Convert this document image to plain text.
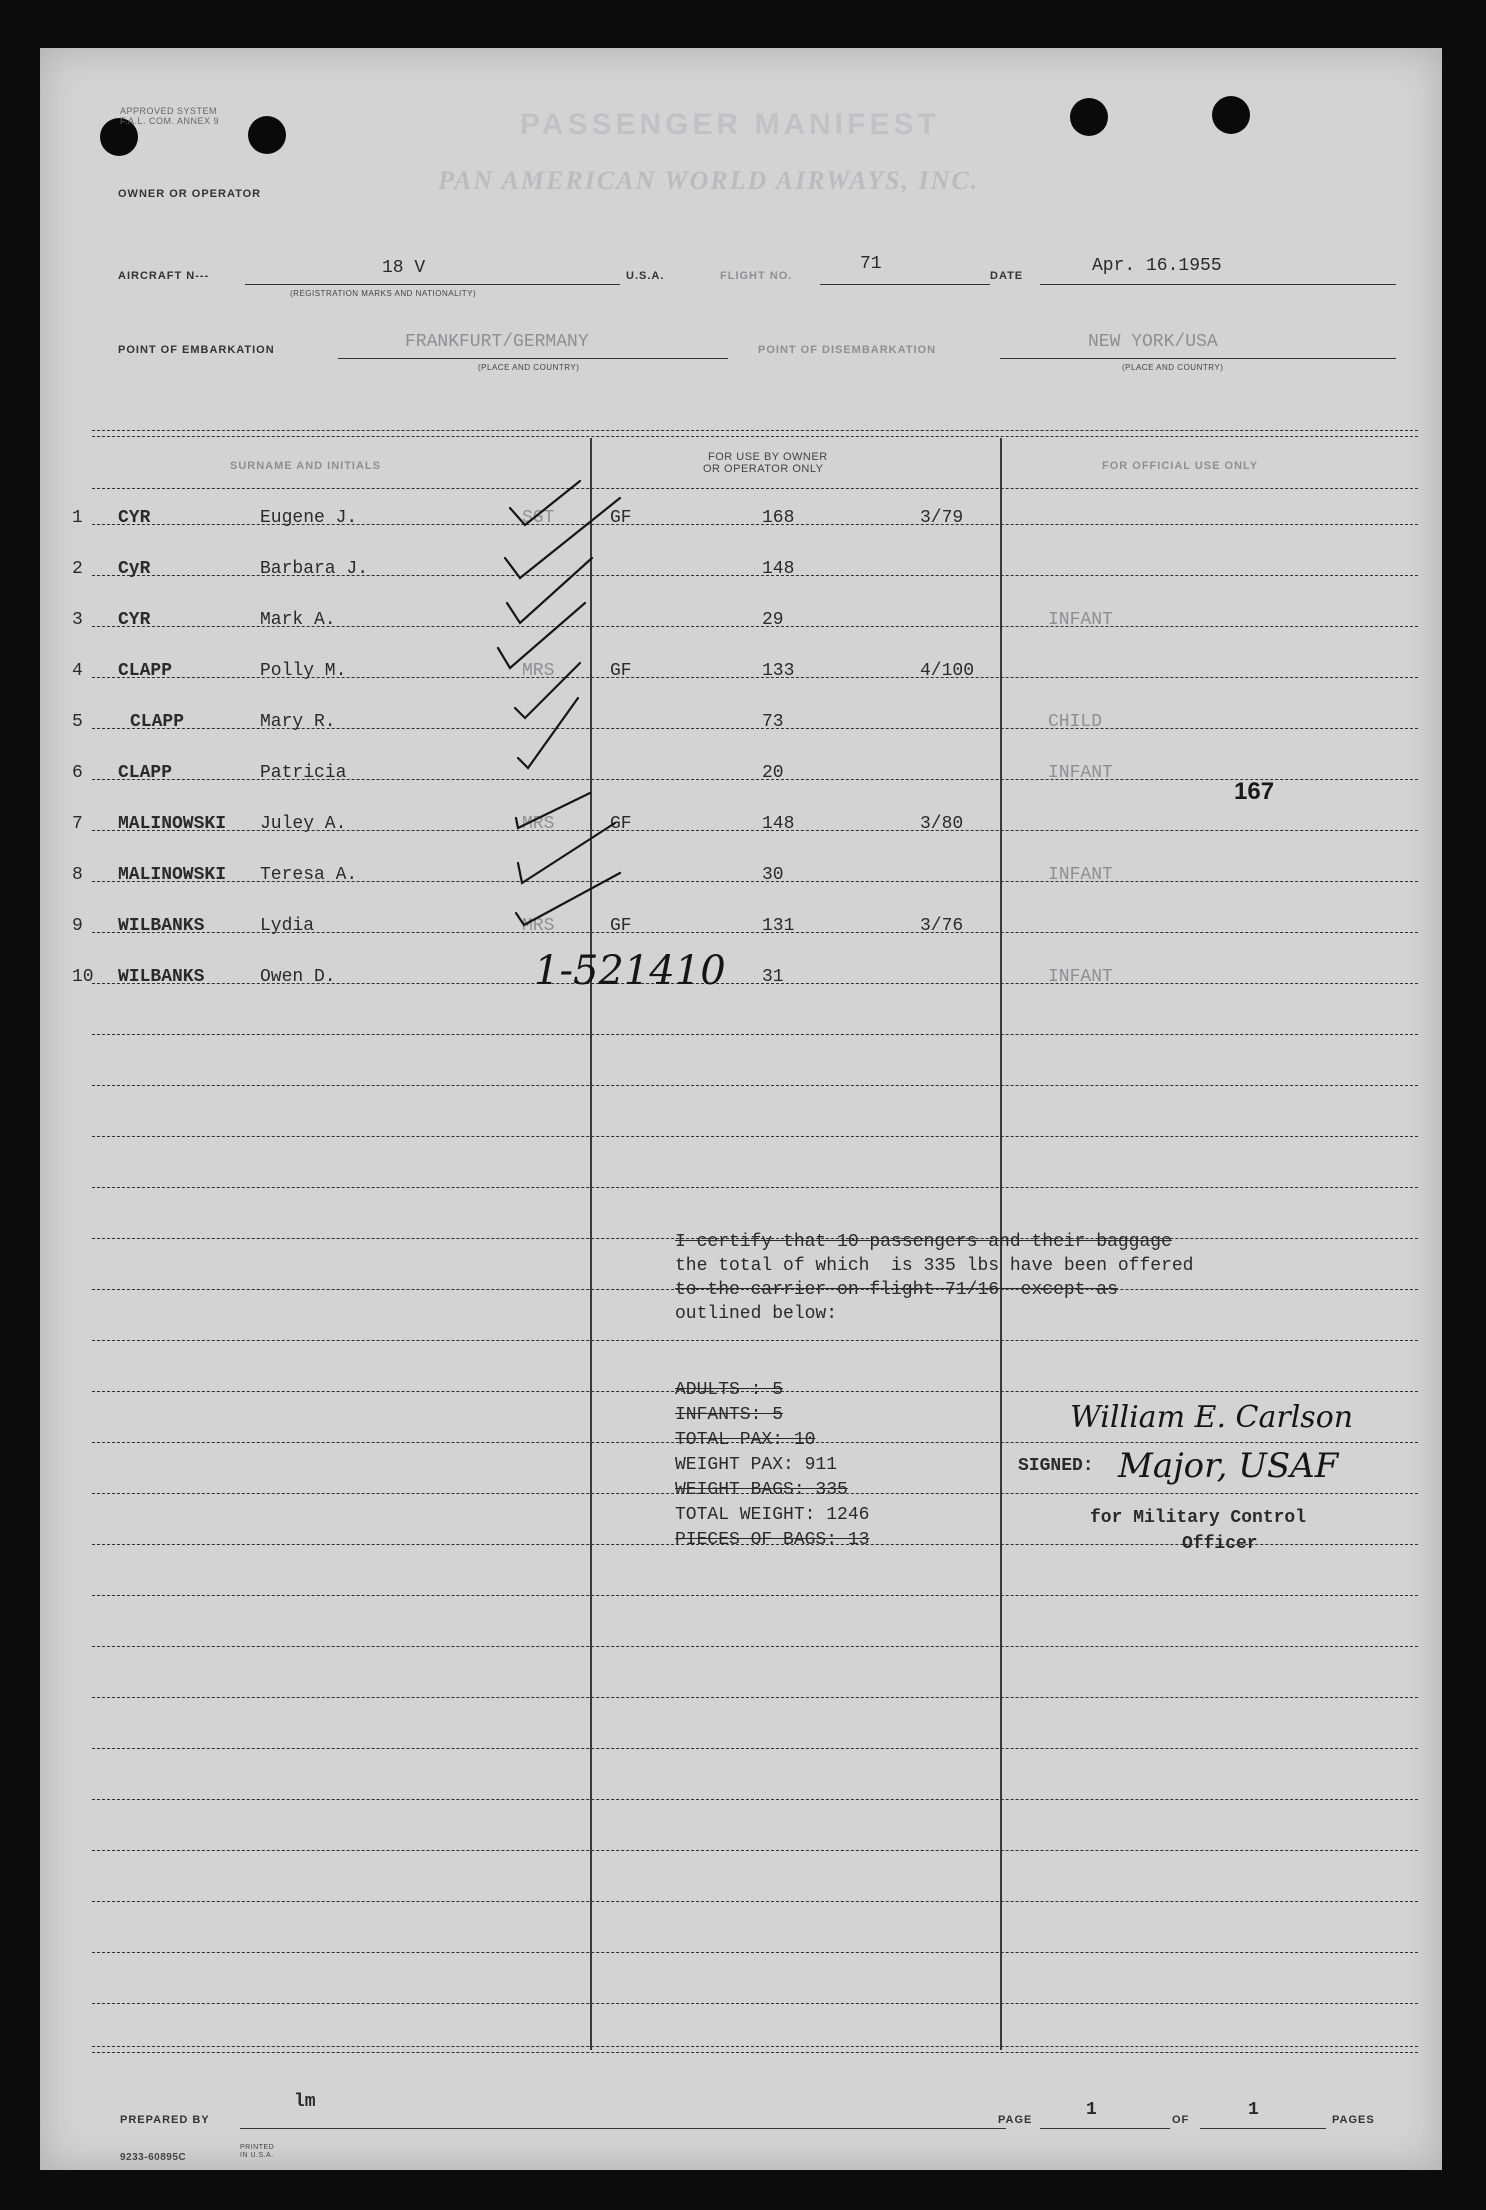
APPROVED SYSTEM F.A.L. COM. ANNEX 9	PASSENGER MANIFEST
OWNER OR OPERATOR	PAN AMERICAN WORLD AIRWAYS, INC.
AIRCRAFT N---	18 V
(REGISTRATION MARKS AND NATIONALITY)
U.S.A.	FLIGHT NO.
71
DATE	Apr. 16.1955
POINT OF EMBARKATION	FRANKFURT/GERMANY
(PLACE AND COUNTRY)
POINT OF DISEMBARKATION	NEW YORK/USA
(PLACE AND COUNTRY)
SURNAME AND INITIALS
FOR USE BY OWNER
OR OPERATOR ONLY	FOR OFFICIAL USE ONLY
1 CYR	Eugene J.	SGT	GF	168	3/79
2 CyR	Barbara J.	148
3 CYR	Mark A.	29	INFANT
4 CLAPP	Polly M.	MRS	GF	133	4/100
5	CLAPP	Mary R.	73	CHILD
6 CLAPP	Patricia	20	INFANT
7 MALINOWSKI Juley A.	MRS	GF	148	3/80
8 MALINOWSKI Teresa A.	30	INFANT
9 WILBANKS	Lydia	MRS	GF	131	3/76
10 WILBANKS	Owen D.	31	INFANT
1-521410
167
I certify that 10 passengers and their baggage
the total of which  is 335 lbs have been offered
to the carrier on flight 71/16  except as
outlined below:
ADULTS : 5
INFANTS: 5
TOTAL PAX: 10
WEIGHT PAX: 911
WEIGHT BAGS: 335
TOTAL WEIGHT: 1246
PIECES OF BAGS: 13
William E. Carlson
SIGNED: Major, USAF
for Military Control
Officer
PREPARED BY
lm
PAGE	1	OF	1	PAGES
9233-60895C
PRINTED IN U.S.A.
